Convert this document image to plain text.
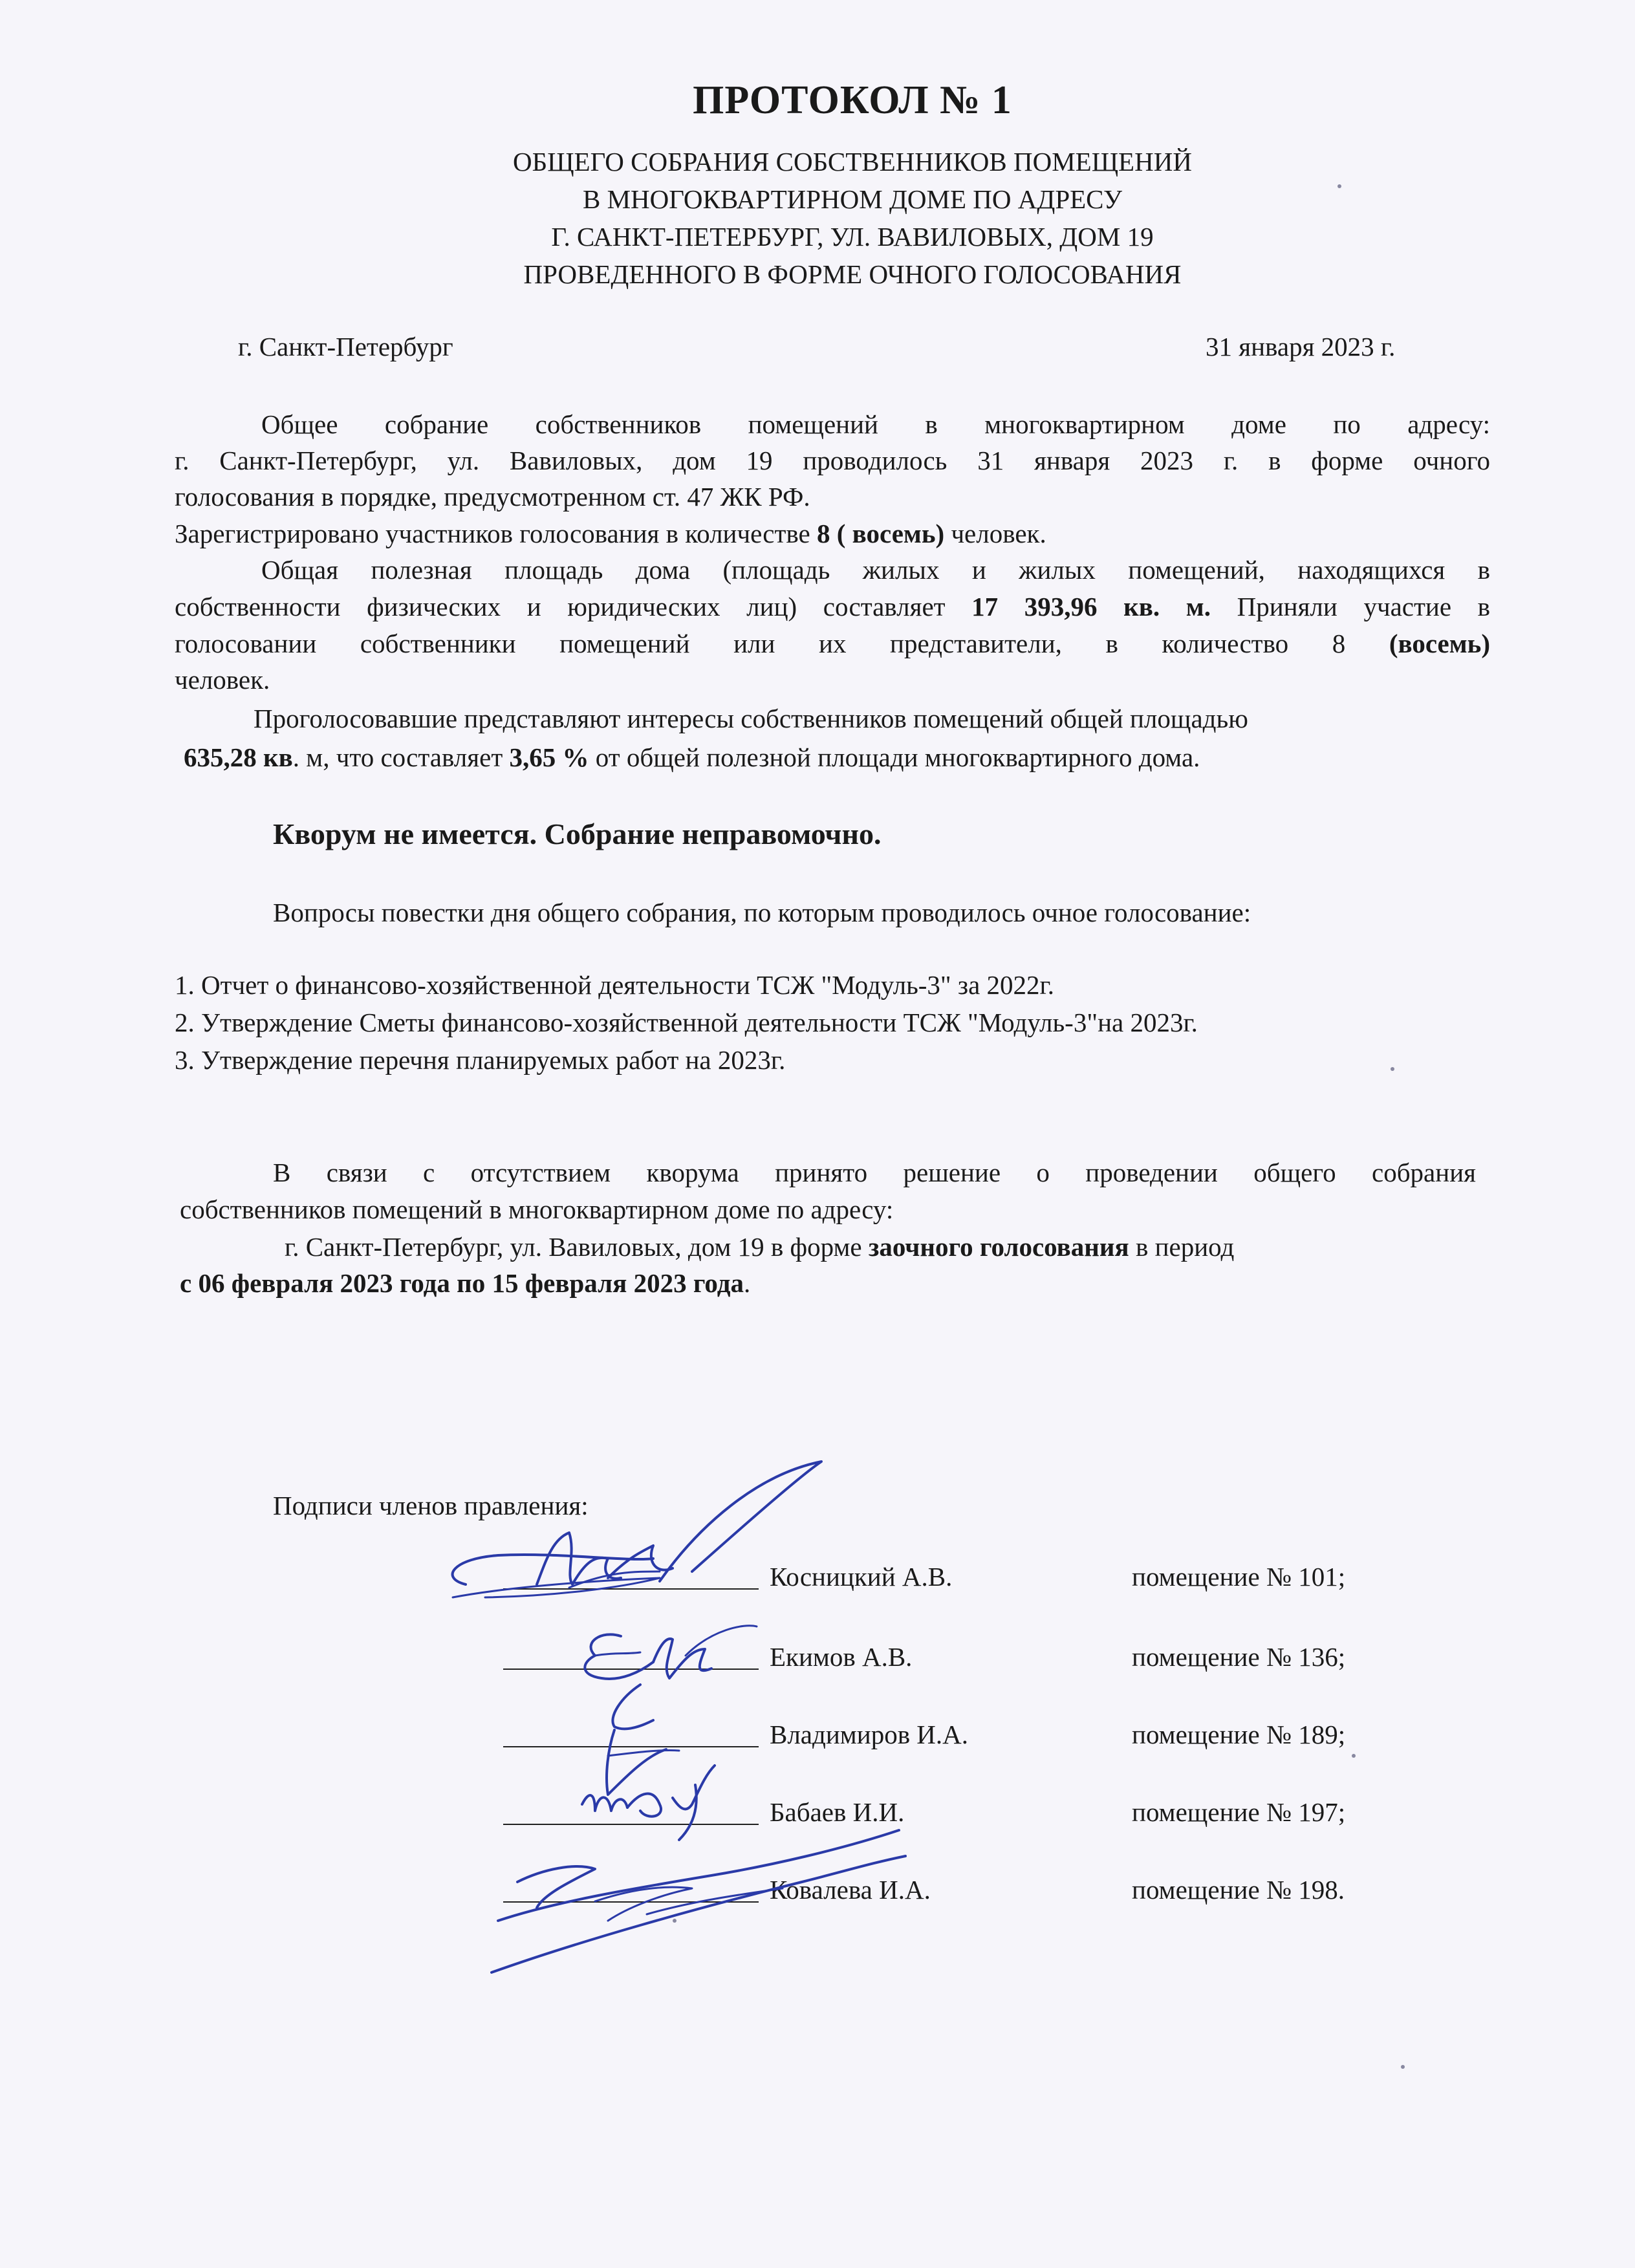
ПРОТОКОЛ № 1
ОБЩЕГО СОБРАНИЯ СОБСТВЕННИКОВ ПОМЕЩЕНИЙ
В МНОГОКВАРТИРНОМ ДОМЕ ПО АДРЕСУ
Г. САНКТ-ПЕТЕРБУРГ, УЛ. ВАВИЛОВЫХ, ДОМ 19
ПРОВЕДЕННОГО В ФОРМЕ ОЧНОГО ГОЛОСОВАНИЯ
г. Санкт-Петербург	31 января 2023 г.
Общее собрание собственников помещений в многоквартирном доме по адресу:
г. Санкт-Петербург, ул. Вавиловых, дом 19 проводилось 31 января 2023 г. в форме очного
голосования в порядке, предусмотренном ст. 47 ЖК РФ.
Зарегистрировано участников голосования в количестве 8 ( восемь) человек.
Общая полезная площадь дома (площадь жилых и жилых помещений, находящихся в
собственности физических и юридических лиц) составляет 17 393,96 кв. м. Приняли участие в
голосовании собственники помещений или их представители, в количество 8 (восемь)
человек.
Проголосовавшие представляют интересы собственников помещений общей площадью
635,28 кв. м, что составляет 3,65 % от общей полезной площади многоквартирного дома.
Кворум не имеется. Собрание неправомочно.
Вопросы повестки дня общего собрания, по которым проводилось очное голосование:
1. Отчет о финансово-хозяйственной деятельности ТСЖ "Модуль-3" за 2022г.
2. Утверждение Сметы финансово-хозяйственной деятельности ТСЖ "Модуль-3"на 2023г.
3. Утверждение перечня планируемых работ на 2023г.
В связи с отсутствием кворума принято решение о проведении общего собрания
собственников помещений в многоквартирном доме по адресу:
г. Санкт-Петербург, ул. Вавиловых, дом 19 в форме заочного голосования в период
с 06 февраля 2023 года по 15 февраля 2023 года.
Подписи членов правления:
Косницкий А.В.	помещение № 101;
Екимов А.В.	помещение № 136;
Владимиров И.А.	помещение № 189;
Бабаев И.И.	помещение № 197;
Ковалева И.А.	помещение № 198.
